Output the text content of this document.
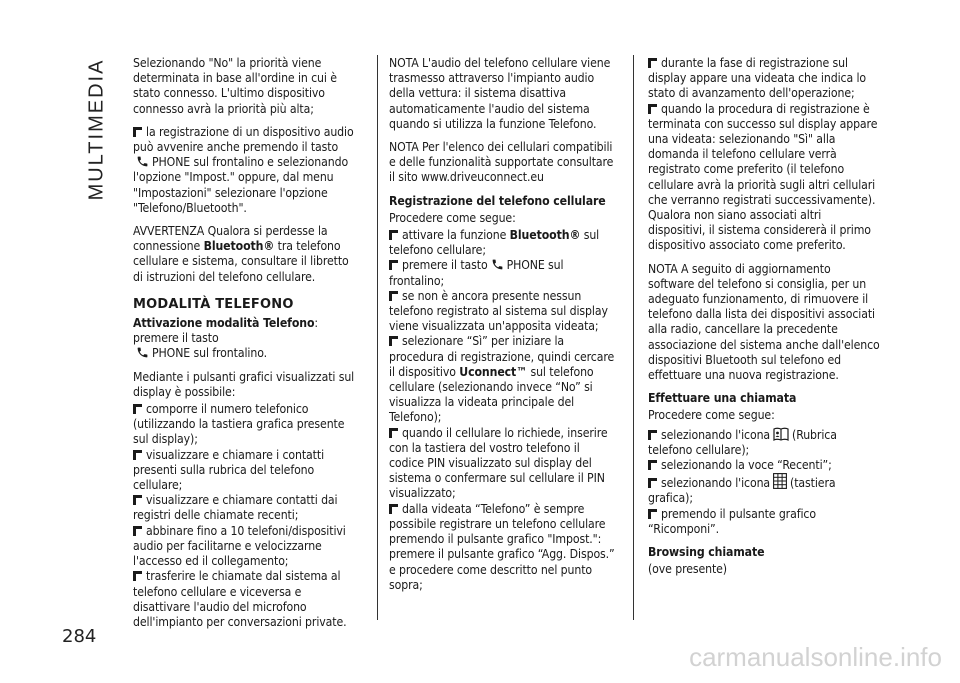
MULTIMEDIA
284
carmanualsonline.info

Selezionando "No" la priorità viene determinata in base all'ordine in cui è stato connesso. L'ultimo dispositivo connesso avrà la priorità più alta;

la registrazione di un dispositivo audio può avvenire anche premendo il tasto
PHONE sul frontalino e selezionando l'opzione "Impost." oppure, dal menu "Impostazioni" selezionare l'opzione "Telefono/Bluetooth".

AVVERTENZA Qualora si perdesse la connessione Bluetooth® tra telefono cellulare e sistema, consultare il libretto di istruzioni del telefono cellulare.

MODALITÀ TELEFONO

Attivazione modalità Telefono: premere il tasto
PHONE sul frontalino.

Mediante i pulsanti grafici visualizzati sul display è possibile:

comporre il numero telefonico (utilizzando la tastiera grafica presente sul display);

visualizzare e chiamare i contatti presenti sulla rubrica del telefono cellulare;

visualizzare e chiamare contatti dai registri delle chiamate recenti;

abbinare fino a 10 telefoni/dispositivi audio per facilitarne e velocizzarne l'accesso ed il collegamento;

trasferire le chiamate dal sistema al telefono cellulare e viceversa e disattivare l'audio del microfono dell'impianto per conversazioni private.

NOTA L'audio del telefono cellulare viene trasmesso attraverso l'impianto audio della vettura: il sistema disattiva automaticamente l'audio del sistema quando si utilizza la funzione Telefono.

NOTA Per l'elenco dei cellulari compatibili e delle funzionalità supportate consultare il sito www.driveuconnect.eu

Registrazione del telefono cellulare

Procedere come segue:

attivare la funzione Bluetooth® sul telefono cellulare;

premere il tasto PHONE sul frontalino;

se non è ancora presente nessun telefono registrato al sistema sul display viene visualizzata un'apposita videata;

selezionare “Sì” per iniziare la procedura di registrazione, quindi cercare il dispositivo Uconnect™ sul telefono cellulare (selezionando invece “No” si visualizza la videata principale del Telefono);

quando il cellulare lo richiede, inserire con la tastiera del vostro telefono il codice PIN visualizzato sul display del sistema o confermare sul cellulare il PIN visualizzato;

dalla videata “Telefono” è sempre possibile registrare un telefono cellulare premendo il pulsante grafico "Impost.": premere il pulsante grafico “Agg. Dispos.” e procedere come descritto nel punto sopra;

durante la fase di registrazione sul display appare una videata che indica lo stato di avanzamento dell'operazione;

quando la procedura di registrazione è terminata con successo sul display appare una videata: selezionando "Sì" alla domanda il telefono cellulare verrà registrato come preferito (il telefono cellulare avrà la priorità sugli altri cellulari che verranno registrati successivamente). Qualora non siano associati altri dispositivi, il sistema considererà il primo dispositivo associato come preferito.

NOTA A seguito di aggiornamento software del telefono si consiglia, per un adeguato funzionamento, di rimuovere il telefono dalla lista dei dispositivi associati alla radio, cancellare la precedente associazione del sistema anche dall'elenco dispositivi Bluetooth sul telefono ed effettuare una nuova registrazione.

Effettuare una chiamata

Procedere come segue:

selezionando l'icona (Rubrica telefono cellulare);

selezionando la voce “Recenti”;

selezionando l'icona (tastiera grafica);

premendo il pulsante grafico “Ricomponi”.

Browsing chiamate

(ove presente)
